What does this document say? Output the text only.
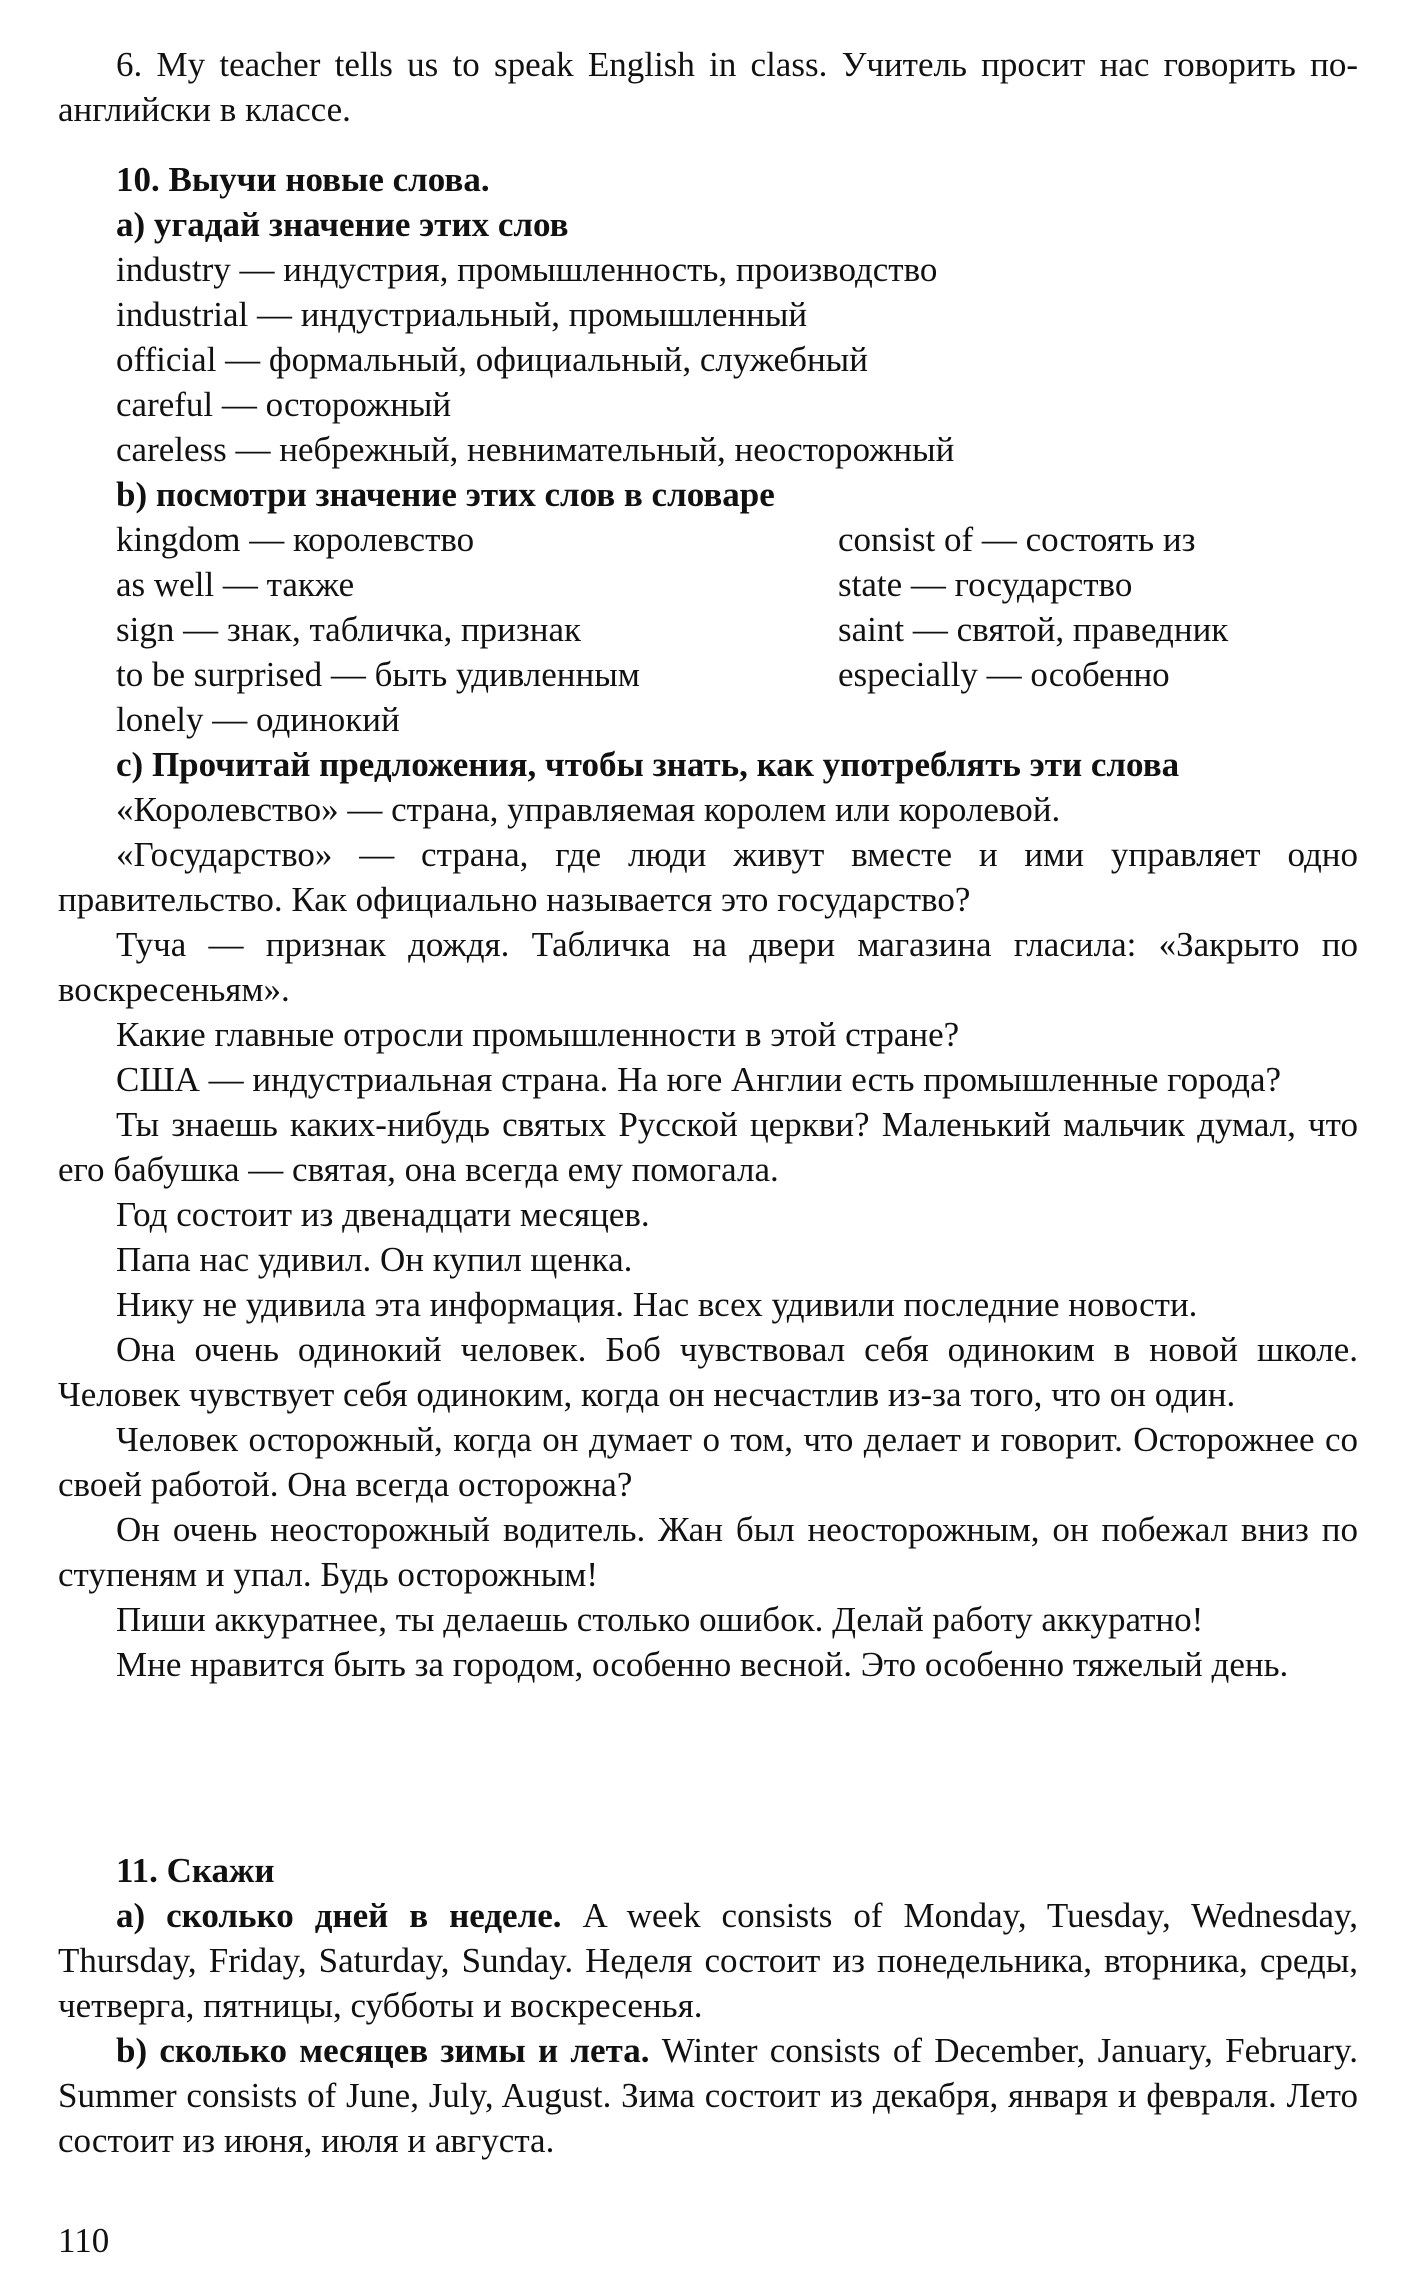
6. My teacher tells us to speak English in class. Учитель просит нас говорить по-английски в классе.

10. Выучи новые слова.
а) угадай значение этих слов
industry — индустрия, промышленность, производство
industrial — индустриальный, промышленный
official — формальный, официальный, служебный
careful — осторожный
careless — небрежный, невнимательный, неосторожный
b) посмотри значение этих слов в словаре
kingdom — королевство	consist of — состоять из
as well — также	state — государство
sign — знак, табличка, признак	saint — святой, праведник
to be surprised — быть удивленным	especially — особенно
lonely — одинокий
с) Прочитай предложения, чтобы знать, как употреблять эти слова

«Королевство» — страна, управляемая королем или королевой.

«Государство» — страна, где люди живут вместе и ими управляет одно правительство. Как официально называется это государство?

Туча — признак дождя. Табличка на двери магазина гласила: «Закрыто по воскресеньям».

Какие главные отросли промышленности в этой стране?

США — индустриальная страна. На юге Англии есть промышленные города?

Ты знаешь каких-нибудь святых Русской церкви? Маленький мальчик думал, что его бабушка — святая, она всегда ему помогала.

Год состоит из двенадцати месяцев.

Папа нас удивил. Он купил щенка.

Нику не удивила эта информация. Нас всех удивили последние новости.

Она очень одинокий человек. Боб чувствовал себя одиноким в новой школе. Человек чувствует себя одиноким, когда он несчастлив из-за того, что он один.

Человек осторожный, когда он думает о том, что делает и говорит. Осторожнее со своей работой. Она всегда осторожна?

Он очень неосторожный водитель. Жан был неосторожным, он побежал вниз по ступеням и упал. Будь осторожным!

Пиши аккуратнее, ты делаешь столько ошибок. Делай работу аккуратно!

Мне нравится быть за городом, особенно весной. Это особенно тяжелый день.

11. Скажи

а) сколько дней в неделе. A week consists of Monday, Tuesday, Wednesday, Thursday, Friday, Saturday, Sunday. Неделя состоит из понедельника, вторника, среды, четверга, пятницы, субботы и воскресенья.

b) сколько месяцев зимы и лета. Winter consists of December, January, February. Summer consists of June, July, August. Зима состоит из декабря, января и февраля. Лето состоит из июня, июля и августа.

110
